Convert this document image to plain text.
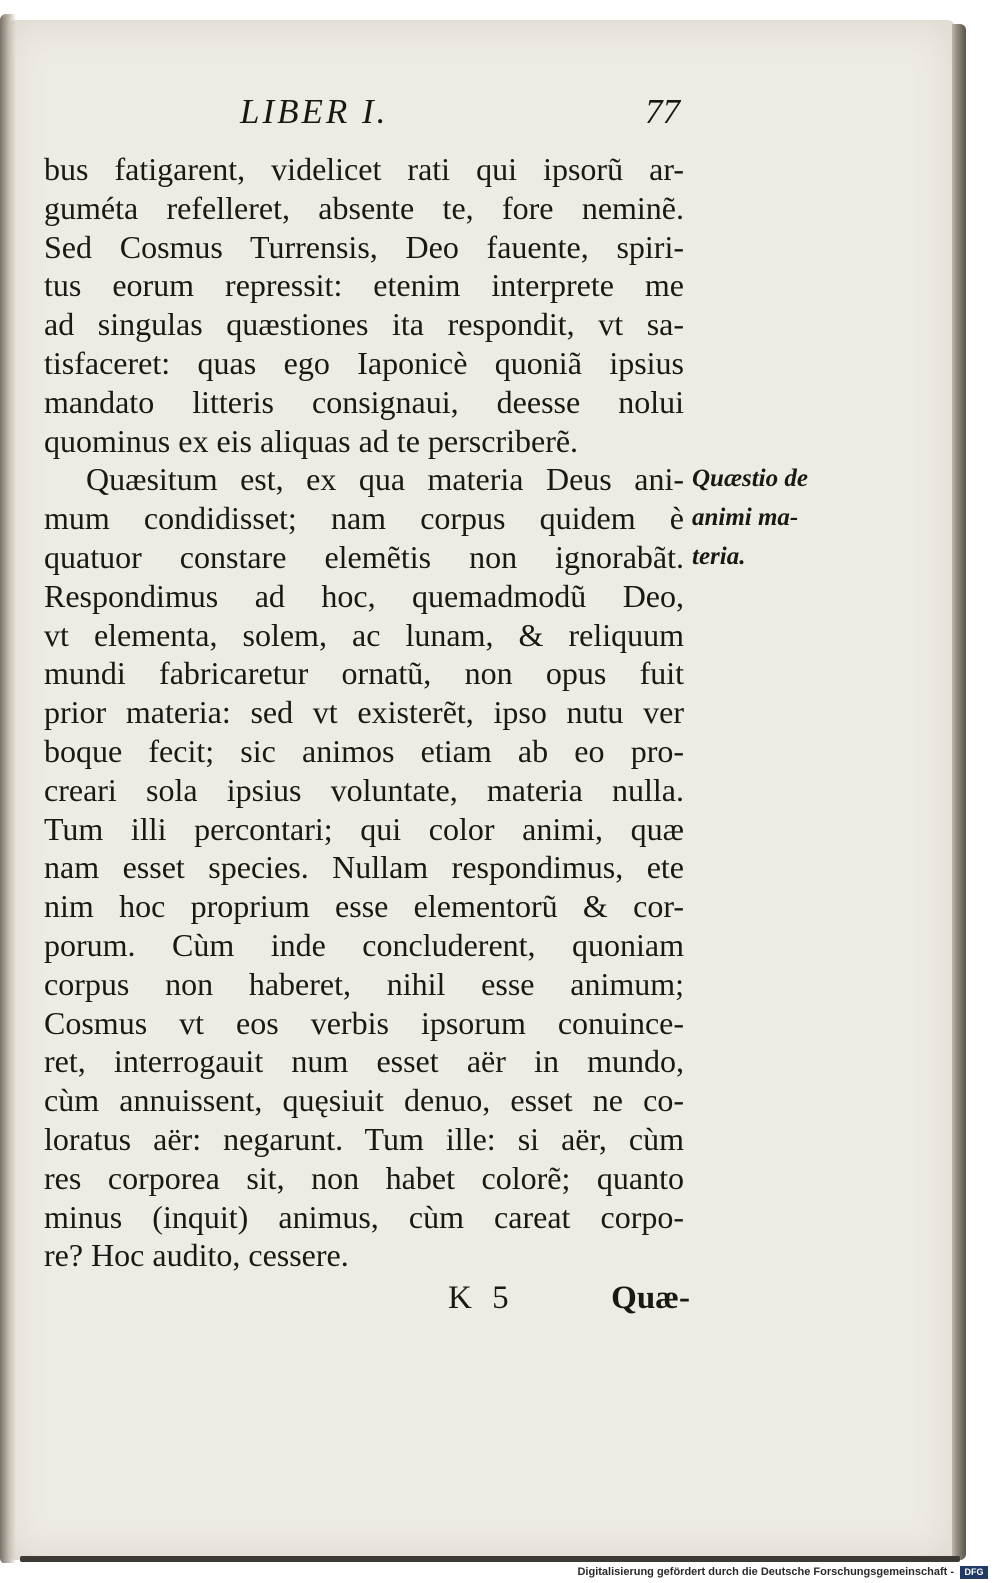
LIBER I.	77
bus fatigarent, videlicet rati qui ipsorũ ar-
guméta refelleret, absente te, fore neminẽ.
Sed Cosmus Turrensis, Deo fauente, spiri-
tus eorum repressit: etenim interprete me
ad singulas quæstiones ita respondit, vt sa-
tisfaceret: quas ego Iaponicè quoniã ipsius
mandato litteris consignaui, deesse nolui
quominus ex eis aliquas ad te perscriberẽ.
Quæsitum est, ex qua materia Deus ani-
mum condidisset; nam corpus quidem è
quatuor constare elemẽtis non ignorabãt.
Respondimus ad hoc, quemadmodũ Deo,
vt elementa, solem, ac lunam, & reliquum
mundi fabricaretur ornatũ, non opus fuit
prior materia: sed vt existerẽt, ipso nutu ver
boque fecit; sic animos etiam ab eo pro-
creari sola ipsius voluntate, materia nulla.
Tum illi percontari; qui color animi, quæ
nam esset species. Nullam respondimus, ete
nim hoc proprium esse elementorũ & cor-
porum. Cùm inde concluderent, quoniam
corpus non haberet, nihil esse animum;
Cosmus vt eos verbis ipsorum conuince-
ret, interrogauit num esset aër in mundo,
cùm annuissent, quęsiuit denuo, esset ne co-
loratus aër: negarunt. Tum ille: si aër, cùm
res corporea sit, non habet colorẽ; quanto
minus (inquit) animus, cùm careat corpo-
re? Hoc audito, cessere.
Quæstio de
animi ma-
teria.
K 5	Quæ-
Digitalisierung gefördert durch die Deutsche Forschungsgemeinschaft -	DFG
